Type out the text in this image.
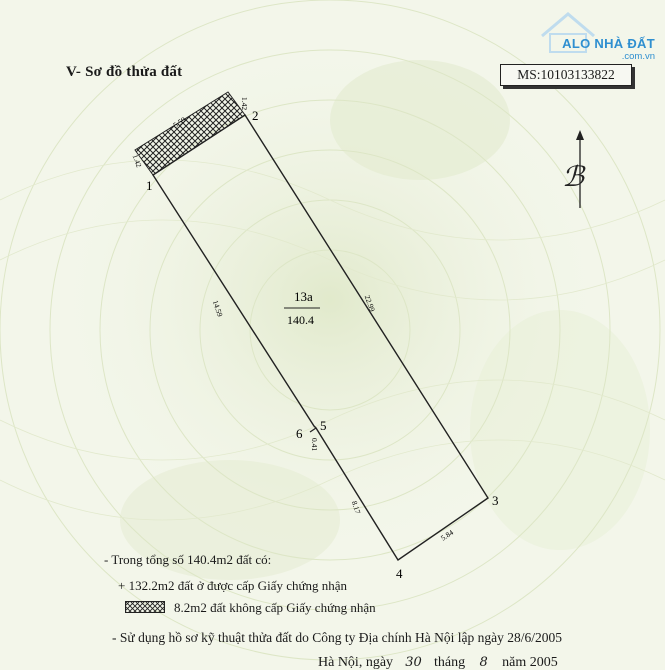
V- Sơ đồ thửa đất	MS:10103133822
ALO NHÀ ĐẤT
.com.vn
ℬ
1
2
3
4
5
6
13a
140.4
5.59
1.42
1.42
14.59	22.99
0.41
8.17
5.84
- Trong tổng số 140.4m2 đất có:
+ 132.2m2 đất ở được cấp Giấy chứng nhận
8.2m2 đất không cấp Giấy chứng nhận
- Sử dụng hồ sơ kỹ thuật thửa đất do Công ty Địa chính Hà Nội lập ngày 28/6/2005
Hà Nội, ngày 30 tháng 8 năm 2005
